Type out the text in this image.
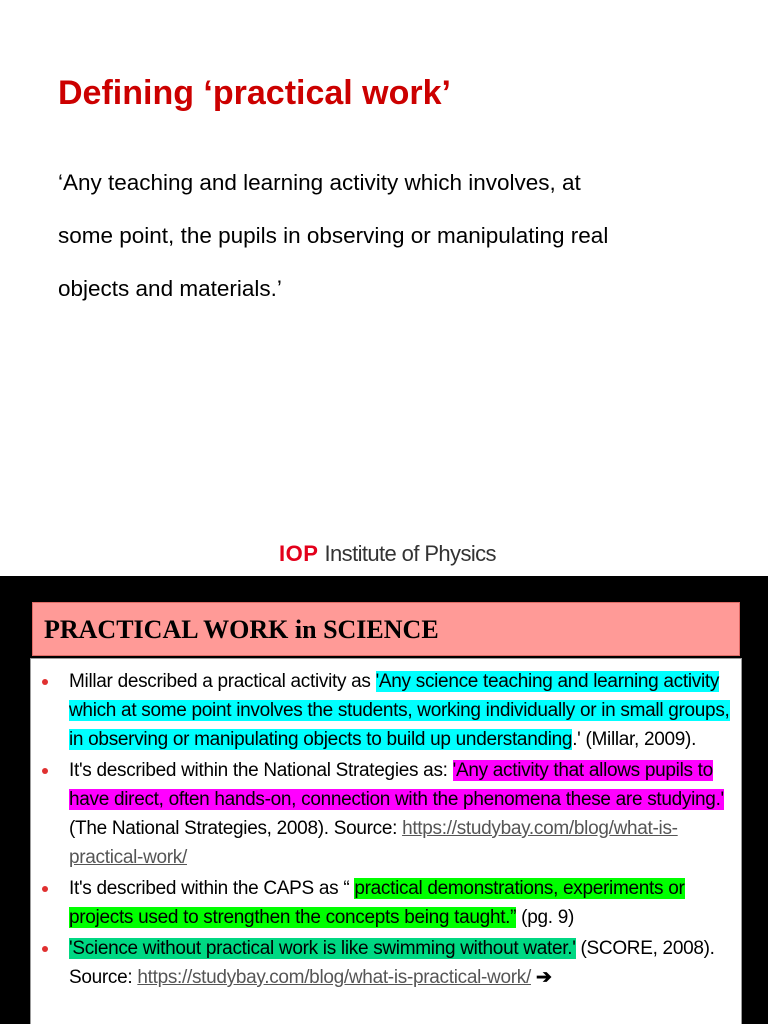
Defining ‘practical work’
‘Any teaching and learning activity which involves, at
some point, the pupils in observing or manipulating real
objects and materials.’
IOP Institute of Physics
PRACTICAL WORK in SCIENCE
Millar described a practical activity as 'Any science teaching and learning activity which at some point involves the students, working individually or in small groups, in observing or manipulating objects to build up understanding.' (Millar, 2009).
It's described within the National Strategies as: 'Any activity that allows pupils to have direct, often hands-on, connection with the phenomena these are studying.' (The National Strategies, 2008). Source: https://studybay.com/blog/what-is-practical-work/
It's described within the CAPS as “ practical demonstrations, experiments or projects used to strengthen the concepts being taught.” (pg. 9)
'Science without practical work is like swimming without water.' (SCORE, 2008). Source: https://studybay.com/blog/what-is-practical-work/ ➔
